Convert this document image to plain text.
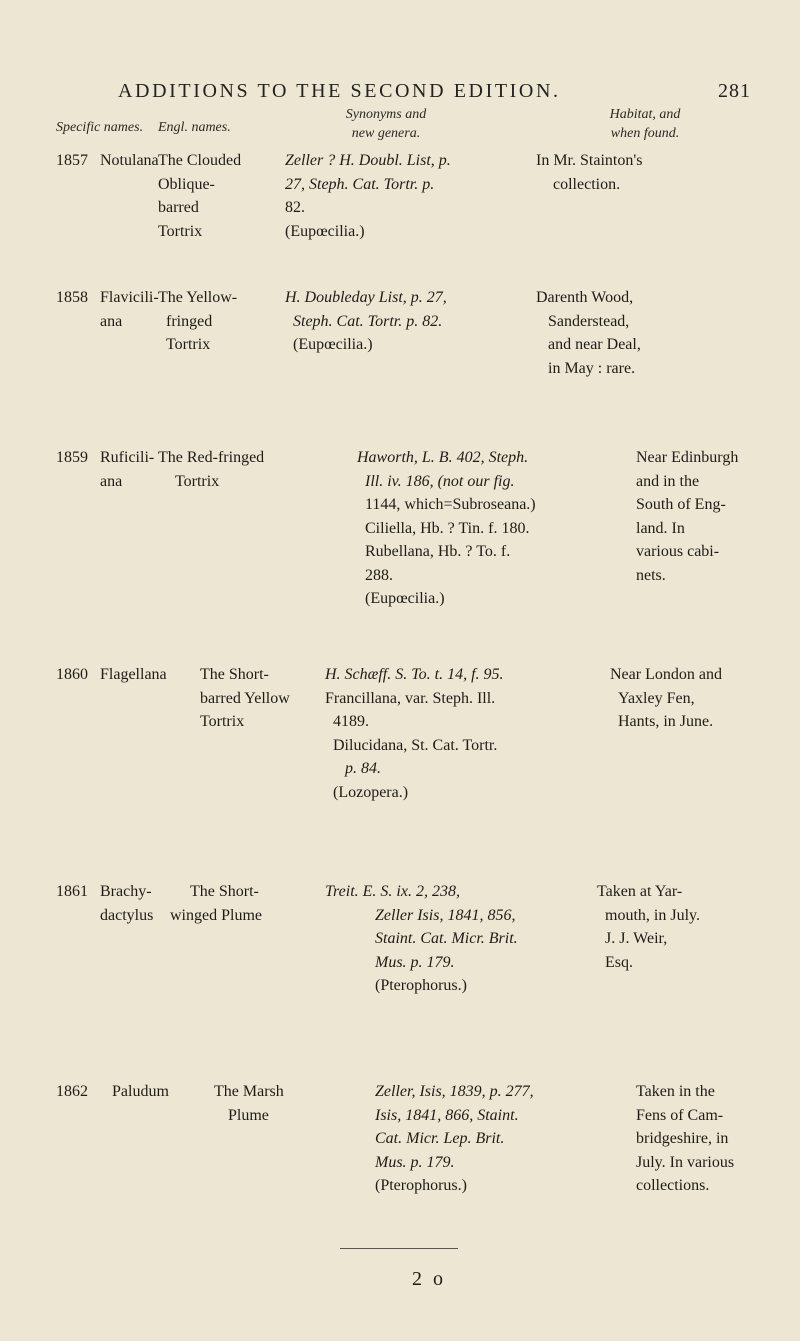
ADDITIONS TO THE SECOND EDITION.	281
Specific names. Engl. names.
Synonyms and
new genera.
Habitat, and
when found.
1857 Notulana The Clouded
Oblique-
barred
Tortrix
Zeller ? H. Doubl. List, p.
27, Steph. Cat. Tortr. p.
82.
(Eupœcilia.)
In Mr. Stainton's
collection.
1858 Flavicili-
ana
The Yellow-
fringed
Tortrix
H. Doubleday List, p. 27,
Steph. Cat. Tortr. p. 82.
(Eupœcilia.)
Darenth Wood,
Sanderstead,
and near Deal,
in May : rare.
1859 Ruficili-
ana
The Red-fringed
Tortrix
Haworth, L. B. 402, Steph.
Ill. iv. 186, (not our fig.
1144, which=Subroseana.)
Ciliella, Hb. ? Tin. f. 180.
Rubellana, Hb. ? To. f.
288.
(Eupœcilia.)
Near Edinburgh
and in the
South of Eng-
land. In
various cabi-
nets.
1860 Flagellana The Short-
barred Yellow
Tortrix
H. Schæff. S. To. t. 14, f. 95.
Francillana, var. Steph. Ill.
4189.
Dilucidana, St. Cat. Tortr.
p. 84.
(Lozopera.)
Near London and
Yaxley Fen,
Hants, in June.
1861 Brachy-
dactylus
The Short-
winged Plume
Treit. E. S. ix. 2, 238,
Zeller Isis, 1841, 856,
Staint. Cat. Micr. Brit.
Mus. p. 179.
(Pterophorus.)
Taken at Yar-
mouth, in July.
J. J. Weir,
Esq.
1862 Paludum	The Marsh
Plume
Zeller, Isis, 1839, p. 277,
Isis, 1841, 866, Staint.
Cat. Micr. Lep. Brit.
Mus. p. 179.
(Pterophorus.)
Taken in the
Fens of Cam-
bridgeshire, in
July. In various
collections.
2 o
